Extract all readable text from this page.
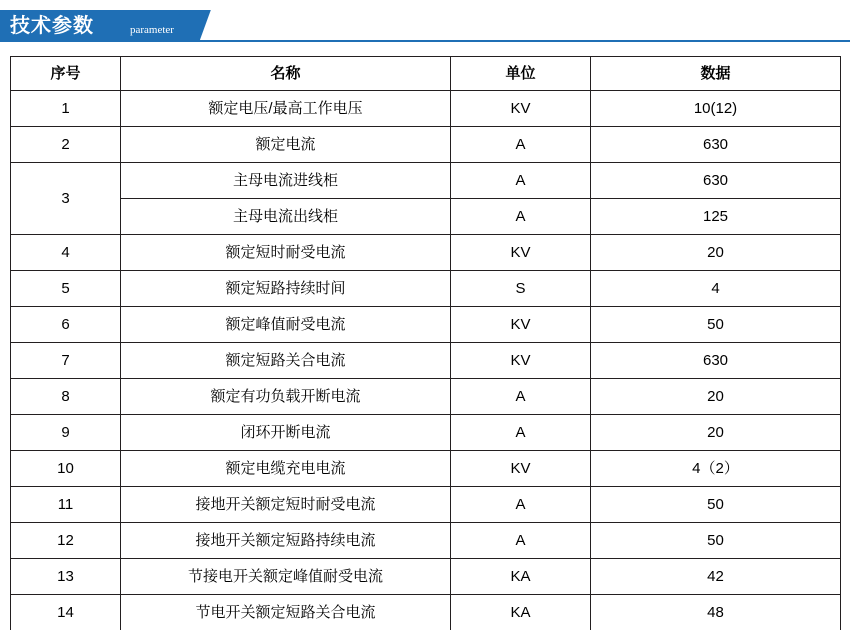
技术参数	parameter
序号	名称	单位	数据
1	额定电压/最高工作电压	KV	10(12)
2	额定电流	A	630
3	主母电流进线柜	A	630
	主母电流出线柜	A	125
4	额定短时耐受电流	KV	20
5	额定短路持续时间	S	4
6	额定峰值耐受电流	KV	50
7	额定短路关合电流	KV	630
8	额定有功负载开断电流	A	20
9	闭环开断电流	A	20
10	额定电缆充电电流	KV	4（2）
11	接地开关额定短时耐受电流	A	50
12	接地开关额定短路持续电流	A	50
13	节接电开关额定峰值耐受电流	KA	42
14	节电开关额定短路关合电流	KA	48
